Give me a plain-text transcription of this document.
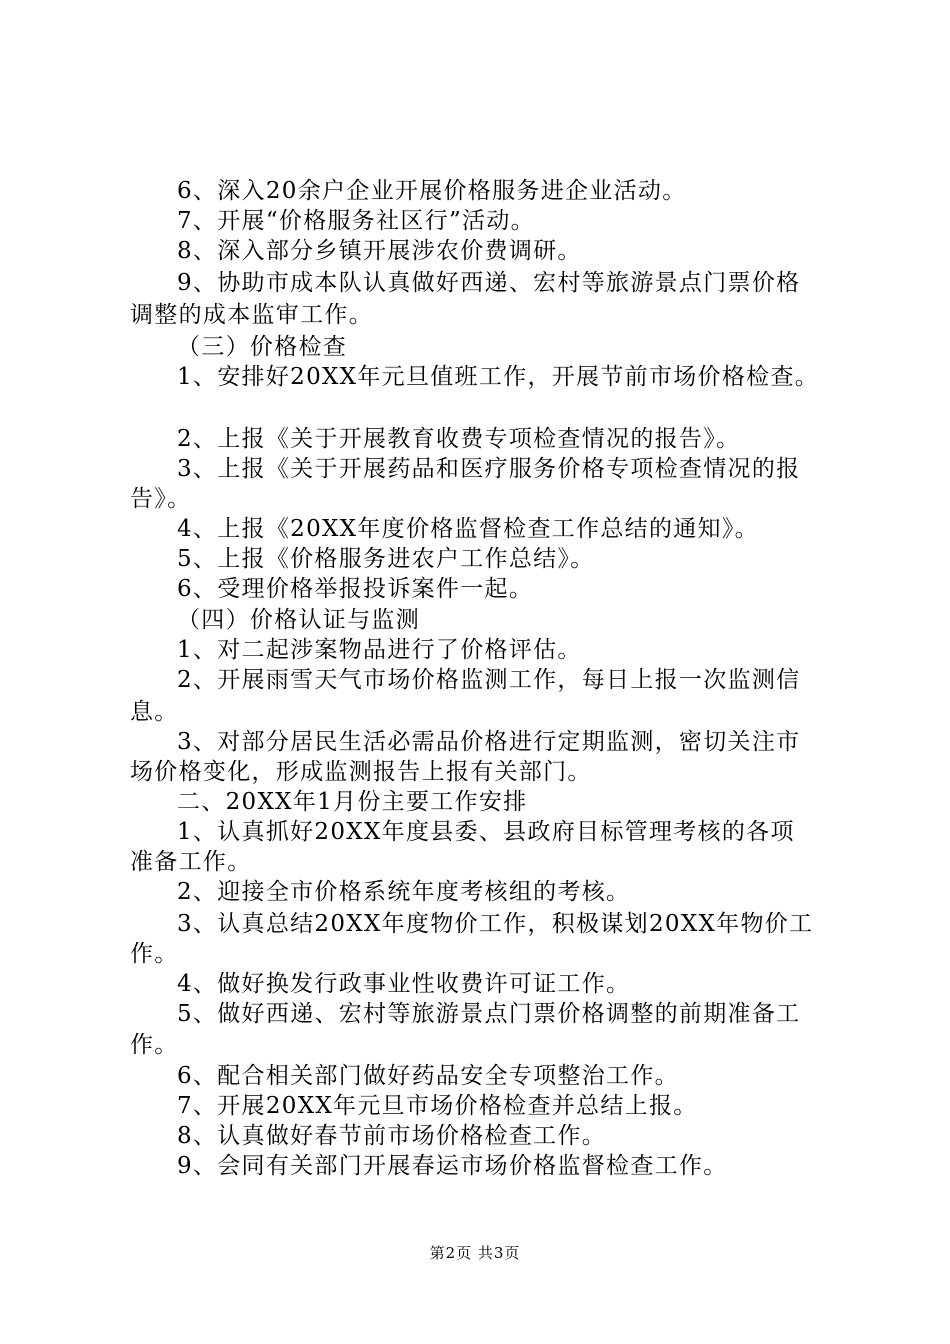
6、深入20余户企业开展价格服务进企业活动。
7、开展“价格服务社区行”活动。
8、深入部分乡镇开展涉农价费调研。
9、协助市成本队认真做好西递、宏村等旅游景点门票价格
调整的成本监审工作。
（三）价格检查
1、安排好20XX年元旦值班工作，开展节前市场价格检查。
2、上报《关于开展教育收费专项检查情况的报告》。
3、上报《关于开展药品和医疗服务价格专项检查情况的报
告》。
4、上报《20XX年度价格监督检查工作总结的通知》。
5、上报《价格服务进农户工作总结》。
6、受理价格举报投诉案件一起。
（四）价格认证与监测
1、对二起涉案物品进行了价格评估。
2、开展雨雪天气市场价格监测工作，每日上报一次监测信
息。
3、对部分居民生活必需品价格进行定期监测，密切关注市
场价格变化，形成监测报告上报有关部门。
二、20XX年1月份主要工作安排
1、认真抓好20XX年度县委、县政府目标管理考核的各项
准备工作。
2、迎接全市价格系统年度考核组的考核。
3、认真总结20XX年度物价工作，积极谋划20XX年物价工
作。
4、做好换发行政事业性收费许可证工作。
5、做好西递、宏村等旅游景点门票价格调整的前期准备工
作。
6、配合相关部门做好药品安全专项整治工作。
7、开展20XX年元旦市场价格检查并总结上报。
8、认真做好春节前市场价格检查工作。
9、会同有关部门开展春运市场价格监督检查工作。
第2页 共3页
